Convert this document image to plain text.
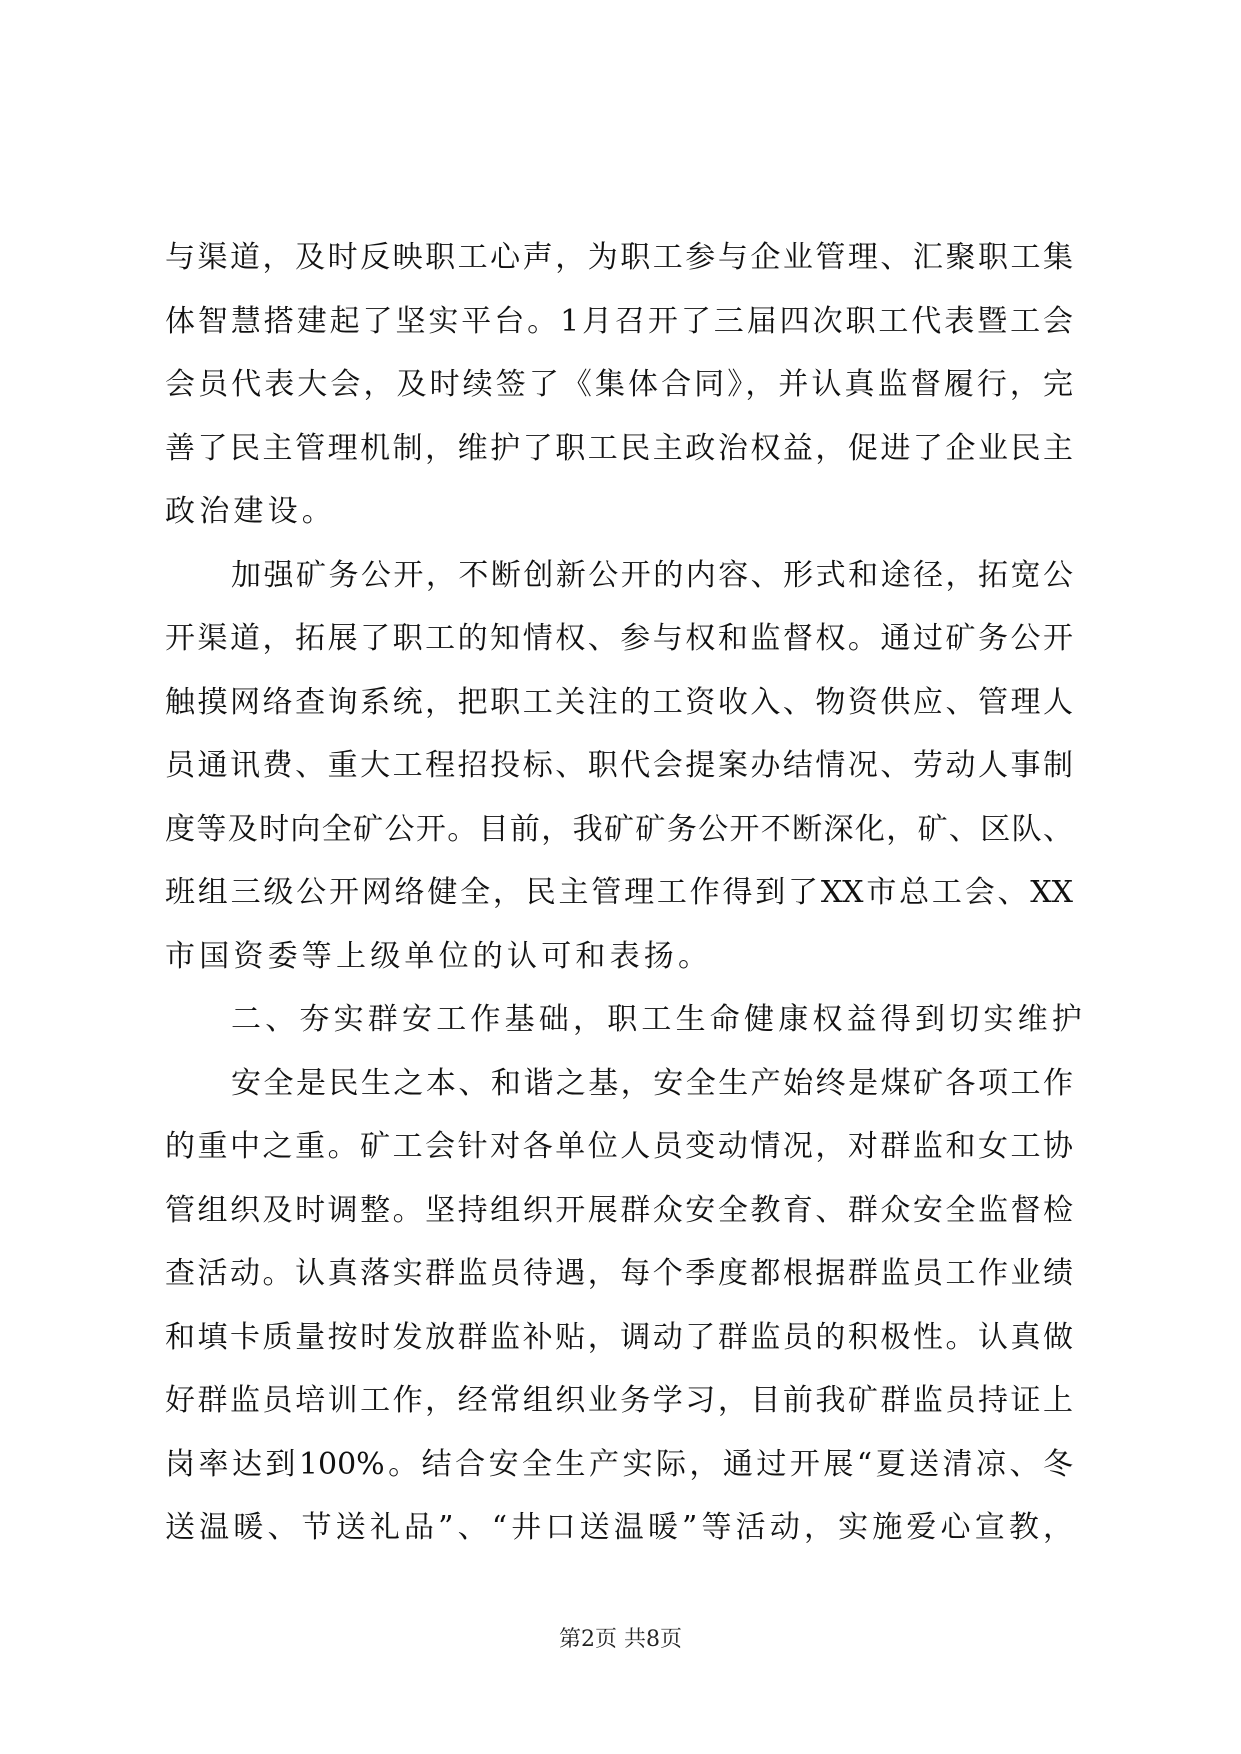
与渠道，及时反映职工心声，为职工参与企业管理、汇聚职工集
体智慧搭建起了坚实平台。1月召开了三届四次职工代表暨工会
会员代表大会，及时续签了《集体合同》，并认真监督履行，完
善了民主管理机制，维护了职工民主政治权益，促进了企业民主
政治建设。
加强矿务公开，不断创新公开的内容、形式和途径，拓宽公
开渠道，拓展了职工的知情权、参与权和监督权。通过矿务公开
触摸网络查询系统，把职工关注的工资收入、物资供应、管理人
员通讯费、重大工程招投标、职代会提案办结情况、劳动人事制
度等及时向全矿公开。目前，我矿矿务公开不断深化，矿、区队、
班组三级公开网络健全，民主管理工作得到了XX市总工会、XX
市国资委等上级单位的认可和表扬。
二、夯实群安工作基础，职工生命健康权益得到切实维护
安全是民生之本、和谐之基，安全生产始终是煤矿各项工作
的重中之重。矿工会针对各单位人员变动情况，对群监和女工协
管组织及时调整。坚持组织开展群众安全教育、群众安全监督检
查活动。认真落实群监员待遇，每个季度都根据群监员工作业绩
和填卡质量按时发放群监补贴，调动了群监员的积极性。认真做
好群监员培训工作，经常组织业务学习，目前我矿群监员持证上
岗率达到100%。结合安全生产实际，通过开展“夏送清凉、冬
送温暖、节送礼品”、“井口送温暖”等活动，实施爱心宣教，
第2页 共8页
